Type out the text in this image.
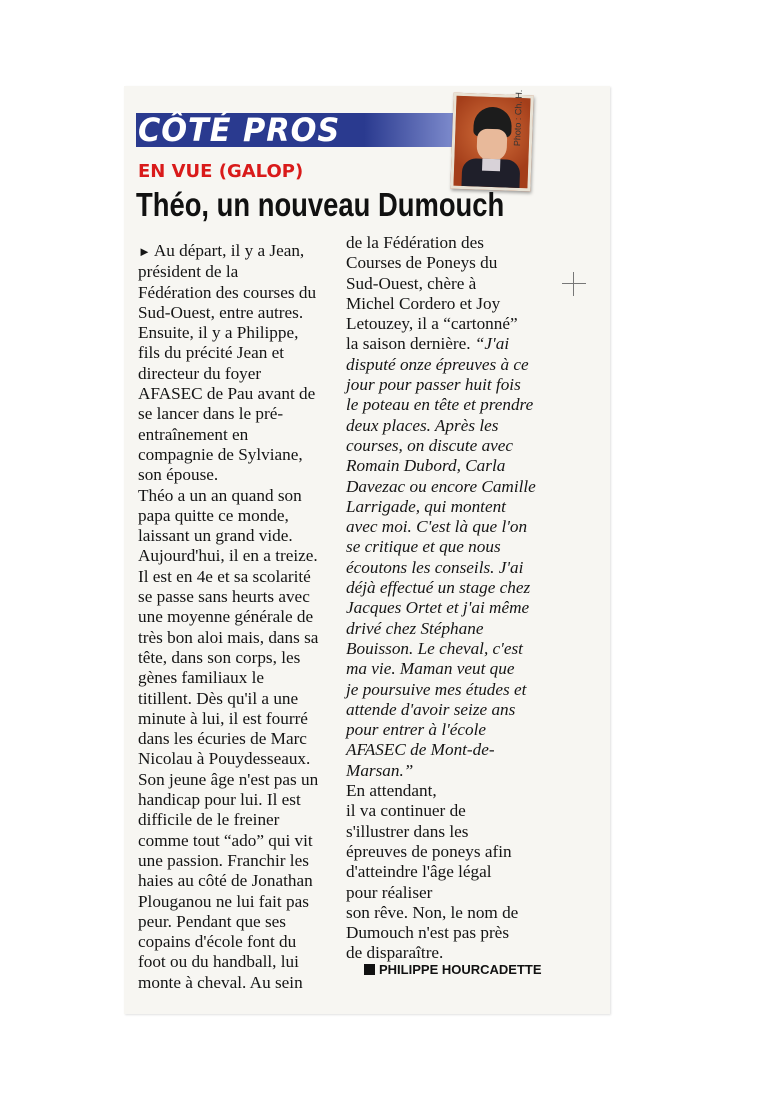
CÔTÉ PROS	Photo : Ch. H.

EN VUE (GALOP)

Théo, un nouveau Dumouch
► Au départ, il y a Jean,
président de la
Fédération des courses du
Sud-Ouest, entre autres.
Ensuite, il y a Philippe,
fils du précité Jean et
directeur du foyer
AFASEC de Pau avant de
se lancer dans le pré-
entraînement en
compagnie de Sylviane,
son épouse.
Théo a un an quand son
papa quitte ce monde,
laissant un grand vide.
Aujourd'hui, il en a treize.
Il est en 4e et sa scolarité
se passe sans heurts avec
une moyenne générale de
très bon aloi mais, dans sa
tête, dans son corps, les
gènes familiaux le
titillent. Dès qu'il a une
minute à lui, il est fourré
dans les écuries de Marc
Nicolau à Pouydesseaux.
Son jeune âge n'est pas un
handicap pour lui. Il est
difficile de le freiner
comme tout “ado” qui vit
une passion. Franchir les
haies au côté de Jonathan
Plouganou ne lui fait pas
peur. Pendant que ses
copains d'école font du
foot ou du handball, lui
monte à cheval. Au sein
de la Fédération des
Courses de Poneys du
Sud-Ouest, chère à
Michel Cordero et Joy
Letouzey, il a “cartonné”
la saison dernière. “J'ai
disputé onze épreuves à ce
jour pour passer huit fois
le poteau en tête et prendre
deux places. Après les
courses, on discute avec
Romain Dubord, Carla
Davezac ou encore Camille
Larrigade, qui montent
avec moi. C'est là que l'on
se critique et que nous
écoutons les conseils. J'ai
déjà effectué un stage chez
Jacques Ortet et j'ai même
drivé chez Stéphane
Bouisson. Le cheval, c'est
ma vie. Maman veut que
je poursuive mes études et
attende d'avoir seize ans
pour entrer à l'école
AFASEC de Mont-de-
Marsan.”
En attendant,
il va continuer de
s'illustrer dans les
épreuves de poneys afin
d'atteindre l'âge légal
pour réaliser
son rêve. Non, le nom de
Dumouch n'est pas près
de disparaître.

PHILIPPE HOURCADETTE
